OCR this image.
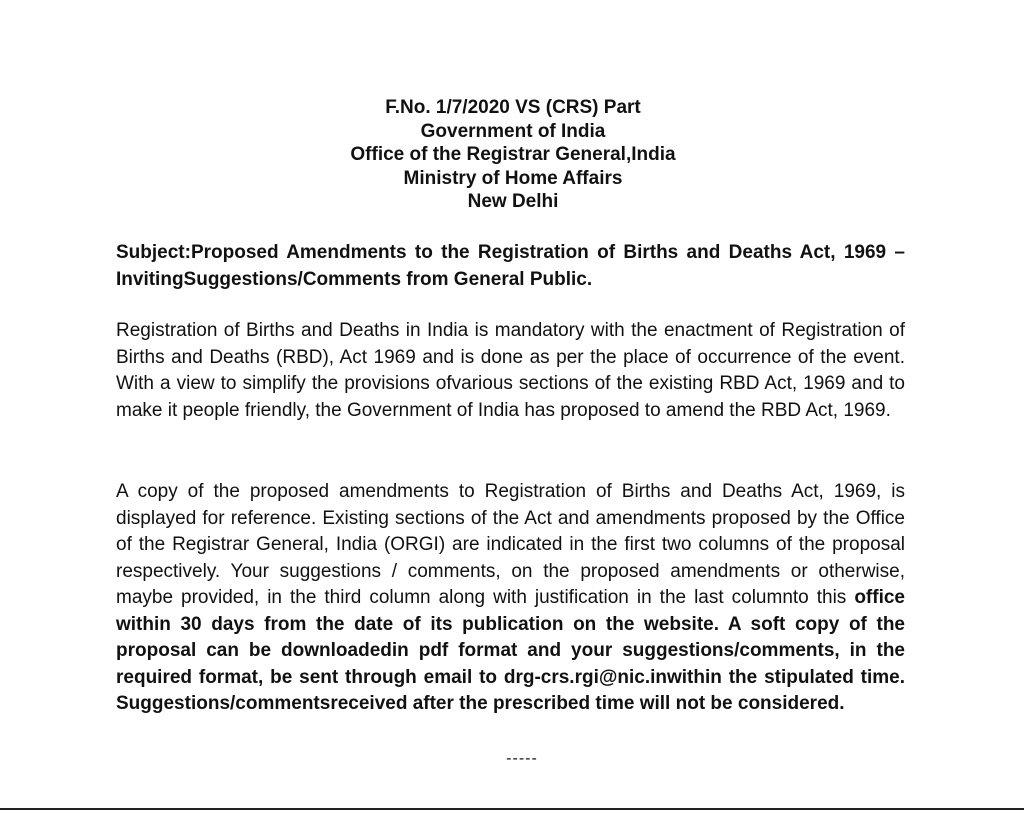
F.No. 1/7/2020 VS (CRS) Part
Government of India
Office of the Registrar General,India
Ministry of Home Affairs
New Delhi
Subject:Proposed Amendments to the Registration of Births and Deaths Act, 1969 – InvitingSuggestions/Comments from General Public.
Registration of Births and Deaths in India is mandatory with the enactment of Registration of Births and Deaths (RBD), Act 1969 and is done as per the place of occurrence of the event. With a view to simplify the provisions ofvarious sections of the existing RBD Act, 1969 and to make it people friendly, the Government of India has proposed to amend the RBD Act, 1969.
A copy of the proposed amendments to Registration of Births and Deaths Act, 1969, is displayed for reference. Existing sections of the Act and amendments proposed by the Office of the Registrar General, India (ORGI) are indicated in the first two columns of the proposal respectively. Your suggestions / comments, on the proposed amendments or otherwise, maybe provided, in the third column along with justification in the last columnto this office within 30 days from the date of its publication on the website. A soft copy of the proposal can be downloadedin pdf format and your suggestions/comments, in the required format, be sent through email to drg-crs.rgi@nic.inwithin the stipulated time. Suggestions/commentsreceived after the prescribed time will not be considered.
-----
